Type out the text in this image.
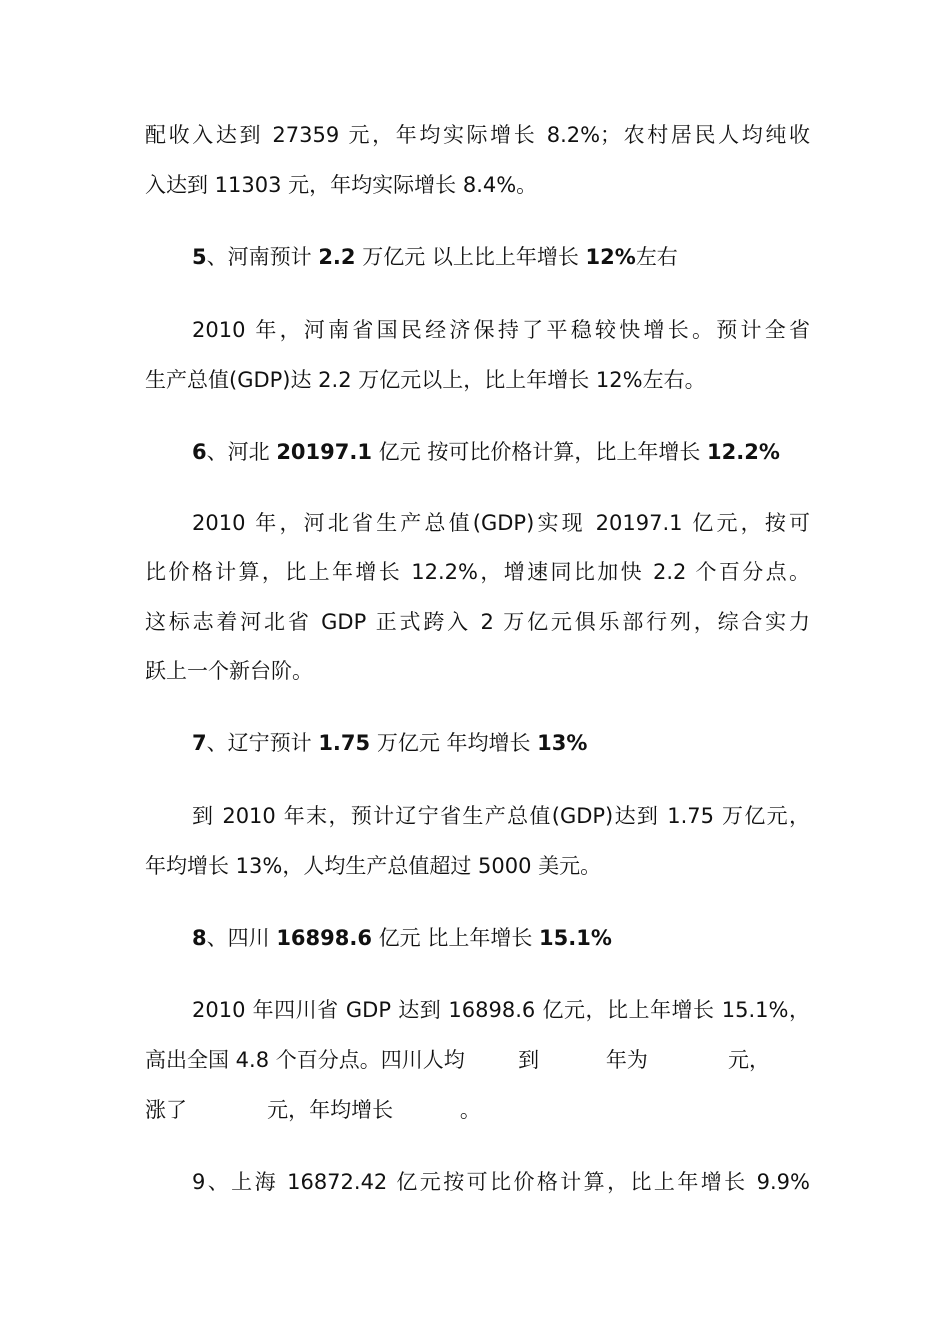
配收入达到 27359 元，年均实际增长 8.2%；农村居民人均纯收
入达到 11303 元，年均实际增长 8.4%。
5、河南预计 2.2 万亿元 以上比上年增长 12%左右
2010 年，河南省国民经济保持了平稳较快增长。预计全省
生产总值(GDP)达 2.2 万亿元以上，比上年增长 12%左右。
6、河北 20197.1 亿元 按可比价格计算，比上年增长 12.2%
2010 年，河北省生产总值(GDP)实现 20197.1 亿元，按可
比价格计算，比上年增长 12.2%，增速同比加快 2.2 个百分点。
这标志着河北省 GDP 正式跨入 2 万亿元俱乐部行列，综合实力
跃上一个新台阶。
7、辽宁预计 1.75 万亿元 年均增长 13%
到 2010 年末，预计辽宁省生产总值(GDP)达到 1.75 万亿元，
年均增长 13%，人均生产总值超过 5000 美元。
8、四川 16898.6 亿元 比上年增长 15.1%
2010 年四川省 GDP 达到 16898.6 亿元，比上年增长 15.1%，
高出全国 4.8 个百分点。四川人均        到          年为            元，
涨了            元，年均增长          。
9、上海 16872.42 亿元按可比价格计算，比上年增长 9.9%
